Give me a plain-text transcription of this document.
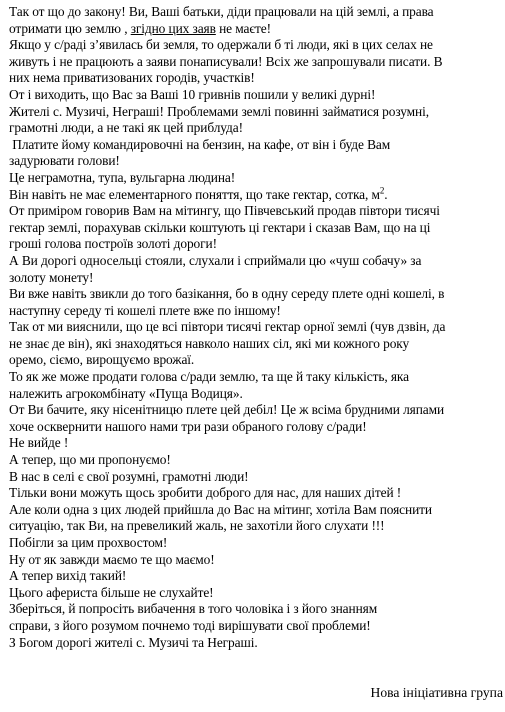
Так от що до закону! Ви, Ваші батьки, діди працювали на цій землі, а права
отримати цю землю , згідно цих заяв не маєте!
Якщо у с/раді з’явилась би земля, то одержали б ті люди, які в цих селах не
живуть і не працюють а заяви понаписували! Всіх же запрошували писати. В
них нема приватизованих городів, участків!
От і виходить, що Вас за Ваші 10 гривнів пошили у великі дурні!
Жителі с. Музичі, Неграші! Проблемами землі повинні займатися розумні,
грамотні люди, а не такі як цей приблуда!
Платите йому командировочні на бензин, на кафе, от він і буде Вам
задурювати голови!
Це неграмотна, тупа, вульгарна людина!
Він навіть не має елементарного поняття, що таке гектар, сотка, $м^2$.
От примірoм говорив Вам на мітингу, що Півчевський продав півтори тисячі
гектар землі, порахував скільки коштують ці гектари і сказав Вам, що на ці
гроші голова построїв золоті дороги!
А Ви дорогі односельці стояли, слухали і сприймали цю «чуш собачу» за
золоту монету!
Ви вже навіть звикли до того базікання, бо в одну середу плете одні кошелі, в
наступну середу ті кошелі плете вже по іншому!
Так от ми вияснили, що це всі півтори тисячі гектар орної землі (чув дзвін, да
не знає де він), які знаходяться навколо наших сіл, які ми кожного року
оремо, сіємо, вирощуємо врожаї.
То як же може продати голова с/ради землю, та ще й таку кількість, яка
належить агрокомбінату «Пуща Водиця».
От Ви бачите, яку нісенітницю плете цей дебіл! Це ж всіма брудними ляпами
хоче осквернити нашого нами три рази обраного голову с/ради!
Не вийде !
А тепер, що ми пропонуємо!
В нас в селі є свої розумні, грамотні люди!
Тільки вони можуть щось зробити доброго для нас, для наших дітей !
Але коли одна з цих людей прийшла до Вас на мітинг, хотіла Вам пояснити
ситуацію, так Ви, на превеликий жаль, не захотіли його слухати !!!
Побігли за цим прохвостом!
Ну от як завжди маємо те що маємо!
А тепер вихід такий!
Цього афериста більше не слухайте!
Зберіться, й попросіть вибачення в того чоловіка і з його знанням
справи, з його розумом почнемо тоді вирішувати свої проблеми!
З Богом дорогі жителі с. Музичі та Неграші.
Нова ініціативна група
